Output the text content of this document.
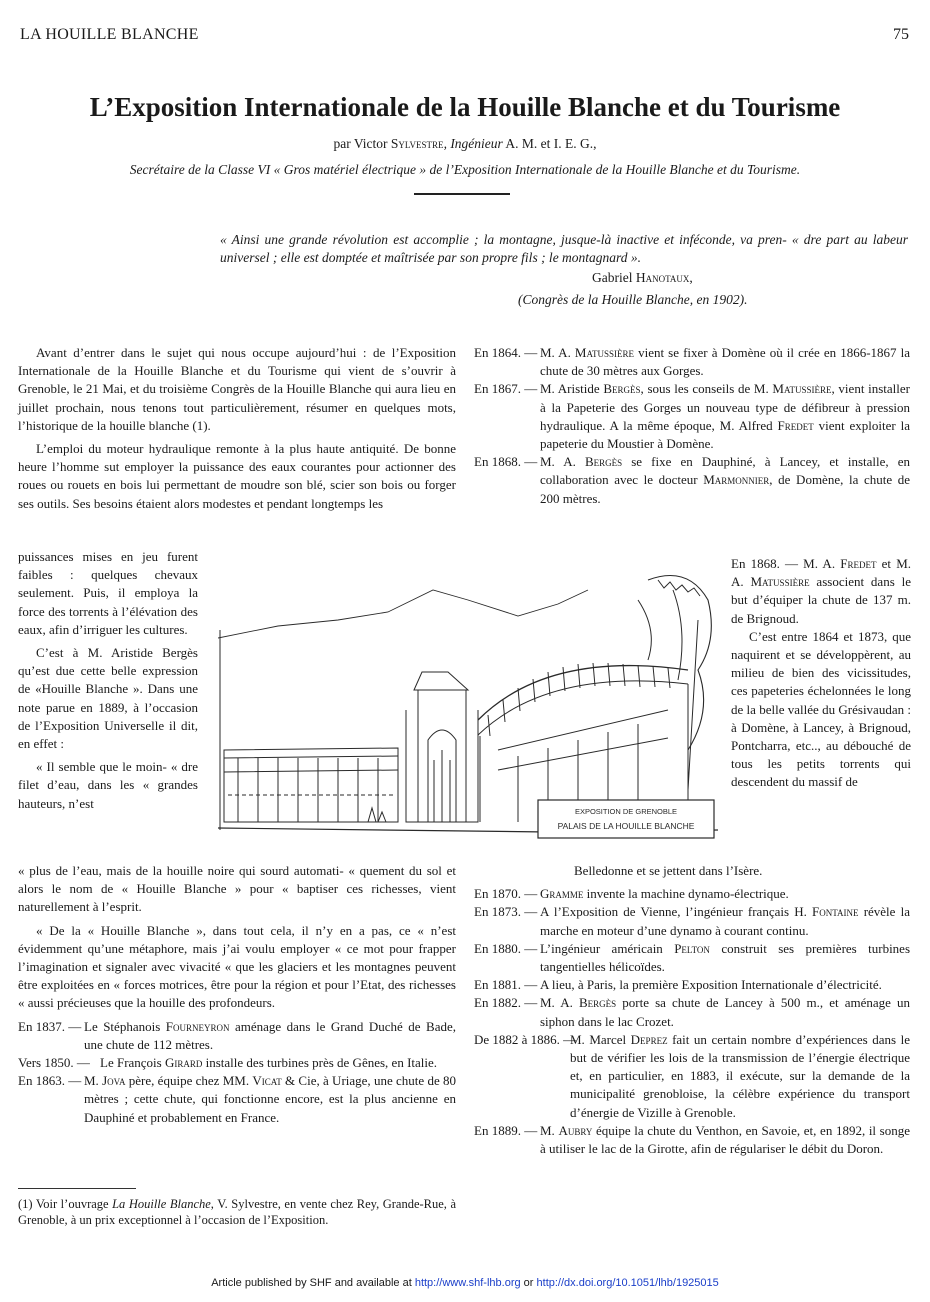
LA HOUILLE BLANCHE	75
L’Exposition Internationale de la Houille Blanche et du Tourisme
par Victor Sylvestre, Ingénieur A. M. et I. E. G.,
Secrétaire de la Classe VI « Gros matériel électrique » de l’Exposition Internationale de la Houille Blanche et du Tourisme.
« Ainsi une grande révolution est accomplie ; la montagne, jusque-là inactive et inféconde, va pren- « dre part au labeur universel ; elle est domptée et maîtrisée par son propre fils ; le montagnard ».
Gabriel Hanotaux,
(Congrès de la Houille Blanche, en 1902).

Avant d’entrer dans le sujet qui nous occupe aujourd’hui : de l’Exposition Internationale de la Houille Blanche et du Tourisme qui vient de s’ouvrir à Grenoble, le 21 Mai, et du troisième Congrès de la Houille Blanche qui aura lieu en juillet prochain, nous tenons tout particulièrement, résumer en quelques mots, l’historique de la houille blanche (1).

L’emploi du moteur hydraulique remonte à la plus haute antiquité. De bonne heure l’homme sut employer la puissance des eaux courantes pour actionner des roues ou rouets en bois lui permettant de moudre son blé, scier son bois ou forger ses outils. Ses besoins étaient alors modestes et pendant longtemps les

puissances mises en jeu furent faibles : quelques chevaux seulement. Puis, il employa la force des torrents à l’élévation des eaux, afin d’irriguer les cultures.

C’est à M. Aristide Bergès qu’est due cette belle expression de «Houille Blanche ». Dans une note parue en 1889, à l’occasion de l’Exposition Universelle il dit, en effet :

« Il semble que le moin- « dre filet d’eau, dans les « grandes hauteurs, n’est

« plus de l’eau, mais de la houille noire qui sourd automati- « quement du sol et alors le nom de « Houille Blanche » pour « baptiser ces richesses, vient naturellement à l’esprit.

« De la « Houille Blanche », dans tout cela, il n’y en a pas, ce « n’est évidemment qu’une métaphore, mais j’ai voulu employer « ce mot pour frapper l’imagination et signaler avec vivacité « que les glaciers et les montagnes peuvent être exploitées en « forces motrices, être pour la région et pour l’Etat, des richesses « aussi précieuses que la houille des profondeurs.

En 1837. — Le Stéphanois Fourneyron aménage dans le Grand Duché de Bade, une chute de 112 mètres.

Vers 1850. — Le François Girard installe des turbines près de Gênes, en Italie.

En 1863. — M. Jova père, équipe chez MM. Vicat & Cie, à Uriage, une chute de 80 mètres ; cette chute, qui fonctionne encore, est la plus ancienne en Dauphiné et probablement en France.

En 1864. — M. A. Matussière vient se fixer à Domène où il crée en 1866-1867 la chute de 30 mètres aux Gorges.

En 1867. — M. Aristide Bergès, sous les conseils de M. Matussière, vient installer à la Papeterie des Gorges un nouveau type de défibreur à pression hydraulique. A la même époque, M. Alfred Fredet vient exploiter la papeterie du Moustier à Domène.

En 1868. — M. A. Bergès se fixe en Dauphiné, à Lancey, et installe, en collaboration avec le docteur Marmonnier, de Domène, la chute de 200 mètres.

En 1868. — M. A. Fredet et M. A. Matussière associent dans le but d’équiper la chute de 137 m. de Brignoud.

C’est entre 1864 et 1873, que naquirent et se développèrent, au milieu de bien des vicissitudes, ces papeteries échelonnées le long de la belle vallée du Grésivaudan : à Domène, à Lancey, à Brignoud, Pontcharra, etc.., au débouché de tous les petits torrents qui descendent du massif de

Belledonne et se jettent dans l’Isère.

En 1870. — Gramme invente la machine dynamo-électrique.

En 1873. — A l’Exposition de Vienne, l’ingénieur français H. Fontaine révèle la marche en moteur d’une dynamo à courant continu.

En 1880. — L’ingénieur américain Pelton construit ses premières turbines tangentielles hélicoïdes.

En 1881. — A lieu, à Paris, la première Exposition Internationale d’électricité.

En 1882. — M. A. Bergès porte sa chute de Lancey à 500 m., et aménage un siphon dans le lac Crozet.

De 1882 à 1886. —
M. Marcel Deprez fait un certain nombre d’expériences dans le but de vérifier les lois de la transmission de l’énergie électrique et, en particulier, en 1883, il exécute, sur la demande de la municipalité grenobloise, la célèbre expérience du transport d’énergie de Vizille à Grenoble.

En 1889. — M. Aubry équipe la chute du Venthon, en Savoie, et, en 1892, il songe à utiliser le lac de la Girotte, afin de régulariser le débit du Doron.

EXPOSITION DE GRENOBLE
PALAIS DE LA HOUILLE BLANCHE
(1) Voir l’ouvrage La Houille Blanche, V. Sylvestre, en vente chez Rey, Grande-Rue, à Grenoble, à un prix exceptionnel à l’occasion de l’Exposition.
Article published by SHF and available at http://www.shf-lhb.org or http://dx.doi.org/10.1051/lhb/1925015
